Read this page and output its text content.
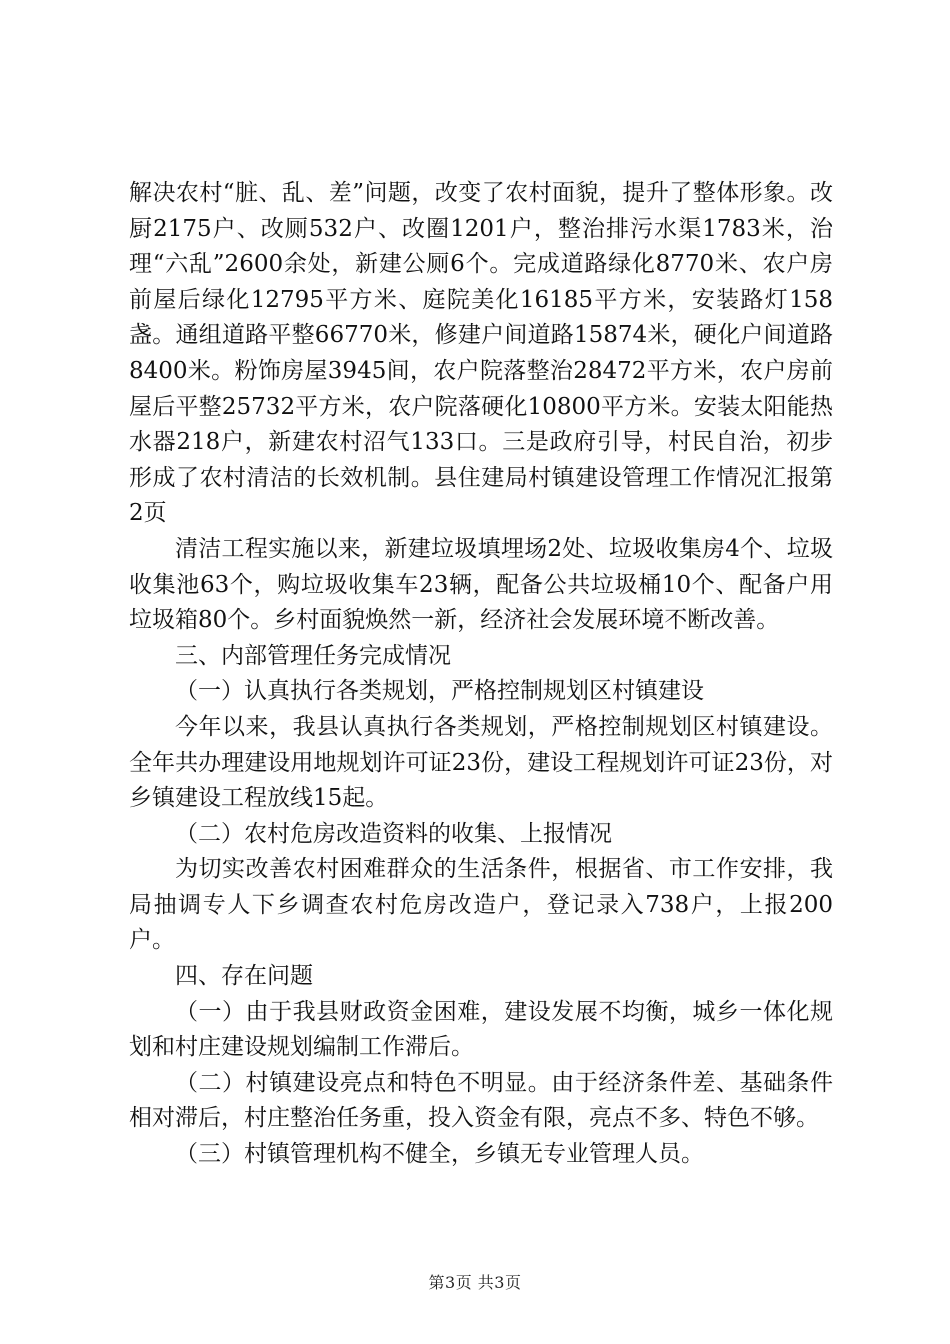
解决农村“脏、乱、差”问题，改变了农村面貌，提升了整体形象。改厨2175户、改厕532户、改圈1201户，整治排污水渠1783米，治理“六乱”2600余处，新建公厕6个。完成道路绿化8770米、农户房前屋后绿化12795平方米、庭院美化16185平方米，安装路灯158盏。通组道路平整66770米，修建户间道路15874米，硬化户间道路8400米。粉饰房屋3945间，农户院落整治28472平方米，农户房前屋后平整25732平方米，农户院落硬化10800平方米。安装太阳能热水器218户，新建农村沼气133口。三是政府引导，村民自治，初步形成了农村清洁的长效机制。县住建局村镇建设管理工作情况汇报第2页

清洁工程实施以来，新建垃圾填埋场2处、垃圾收集房4个、垃圾收集池63个，购垃圾收集车23辆，配备公共垃圾桶10个、配备户用垃圾箱80个。乡村面貌焕然一新，经济社会发展环境不断改善。

三、内部管理任务完成情况

（一）认真执行各类规划，严格控制规划区村镇建设

今年以来，我县认真执行各类规划，严格控制规划区村镇建设。全年共办理建设用地规划许可证23份，建设工程规划许可证23份，对乡镇建设工程放线15起。

（二）农村危房改造资料的收集、上报情况

为切实改善农村困难群众的生活条件，根据省、市工作安排，我局抽调专人下乡调查农村危房改造户，登记录入738户，上报200户。

四、存在问题

（一）由于我县财政资金困难，建设发展不均衡，城乡一体化规划和村庄建设规划编制工作滞后。

（二）村镇建设亮点和特色不明显。由于经济条件差、基础条件相对滞后，村庄整治任务重，投入资金有限，亮点不多、特色不够。

（三）村镇管理机构不健全，乡镇无专业管理人员。

第3页 共3页
